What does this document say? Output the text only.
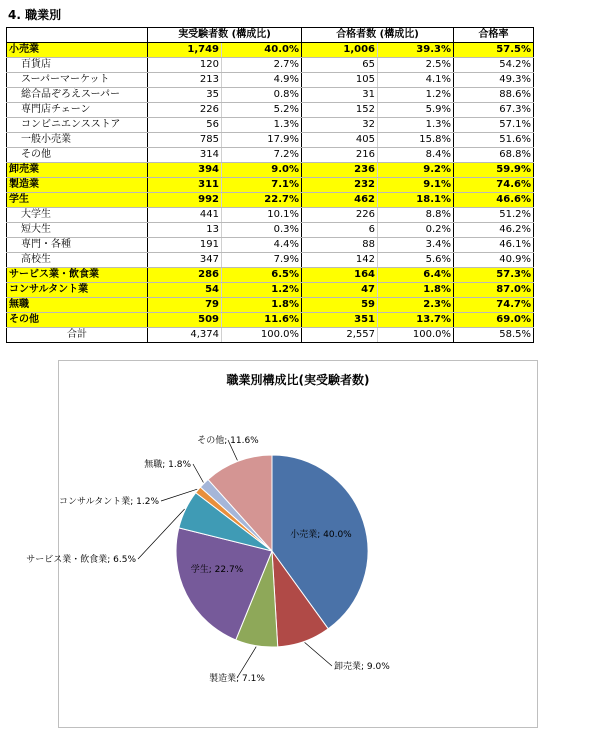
4. 職業別
	実受験者数 (構成比)		合格者数 (構成比)		合格率
小売業	1,749	40.0%	1,006	39.3%	57.5%
百貨店	120	2.7%	65	2.5%	54.2%
スーパーマーケット	213	4.9%	105	4.1%	49.3%
総合品ぞろえスーパー	35	0.8%	31	1.2%	88.6%
専門店チェーン	226	5.2%	152	5.9%	67.3%
コンビニエンスストア	56	1.3%	32	1.3%	57.1%
一般小売業	785	17.9%	405	15.8%	51.6%
その他	314	7.2%	216	8.4%	68.8%
卸売業	394	9.0%	236	9.2%	59.9%
製造業	311	7.1%	232	9.1%	74.6%
学生	992	22.7%	462	18.1%	46.6%
大学生	441	10.1%	226	8.8%	51.2%
短大生	13	0.3%	6	0.2%	46.2%
専門・各種	191	4.4%	88	3.4%	46.1%
高校生	347	7.9%	142	5.6%	40.9%
サービス業・飲食業	286	6.5%	164	6.4%	57.3%
コンサルタント業	54	1.2%	47	1.8%	87.0%
無職	79	1.8%	59	2.3%	74.7%
その他	509	11.6%	351	13.7%	69.0%
合計	4,374	100.0%	2,557	100.0%	58.5%
職業別構成比(実受験者数)
小売業; 40.0%
卸売業; 9.0%
製造業; 7.1%
学生; 22.7%
サービス業・飲食業; 6.5%
コンサルタント業; 1.2%
無職; 1.8%
その他; 11.6%
